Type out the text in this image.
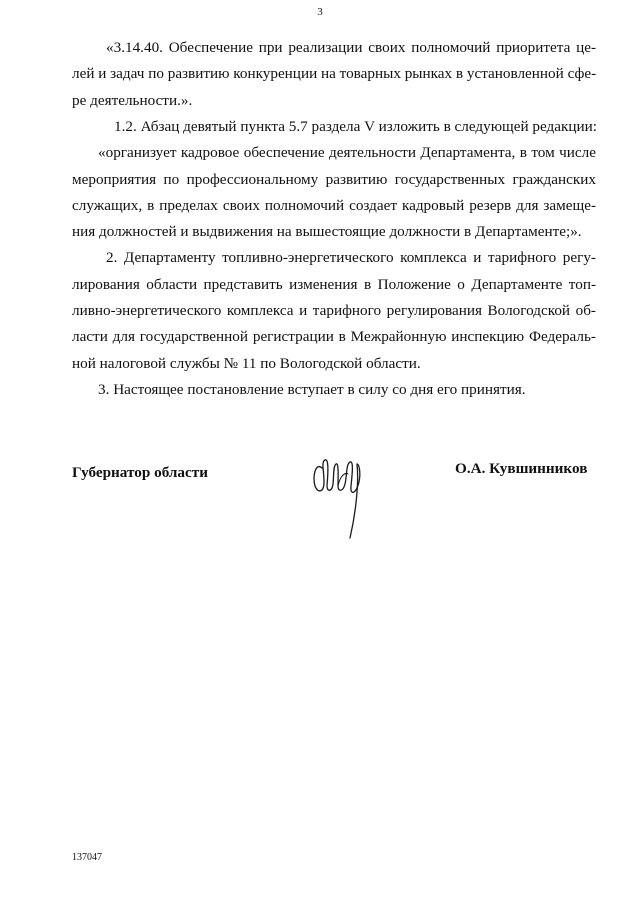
3
«3.14.40. Обеспечение при реализации своих полномочий приоритета це-
лей и задач по развитию конкуренции на товарных рынках в установленной сфе-
ре деятельности.».
1.2. Абзац девятый пункта 5.7 раздела V изложить в следующей редакции:
«организует кадровое обеспечение деятельности Департамента, в том числе
мероприятия по профессиональному развитию государственных гражданских
служащих, в пределах своих полномочий создает кадровый резерв для замеще-
ния должностей и выдвижения на вышестоящие должности в Департаменте;».
2. Департаменту топливно-энергетического комплекса и тарифного регу-
лирования области представить изменения в Положение о Департаменте топ-
ливно-энергетического комплекса и тарифного регулирования Вологодской об-
ласти для государственной регистрации в Межрайонную инспекцию Федераль-
ной налоговой службы № 11 по Вологодской области.
3. Настоящее постановление вступает в силу со дня его принятия.
Губернатор области	О.А. Кувшинников
137047
